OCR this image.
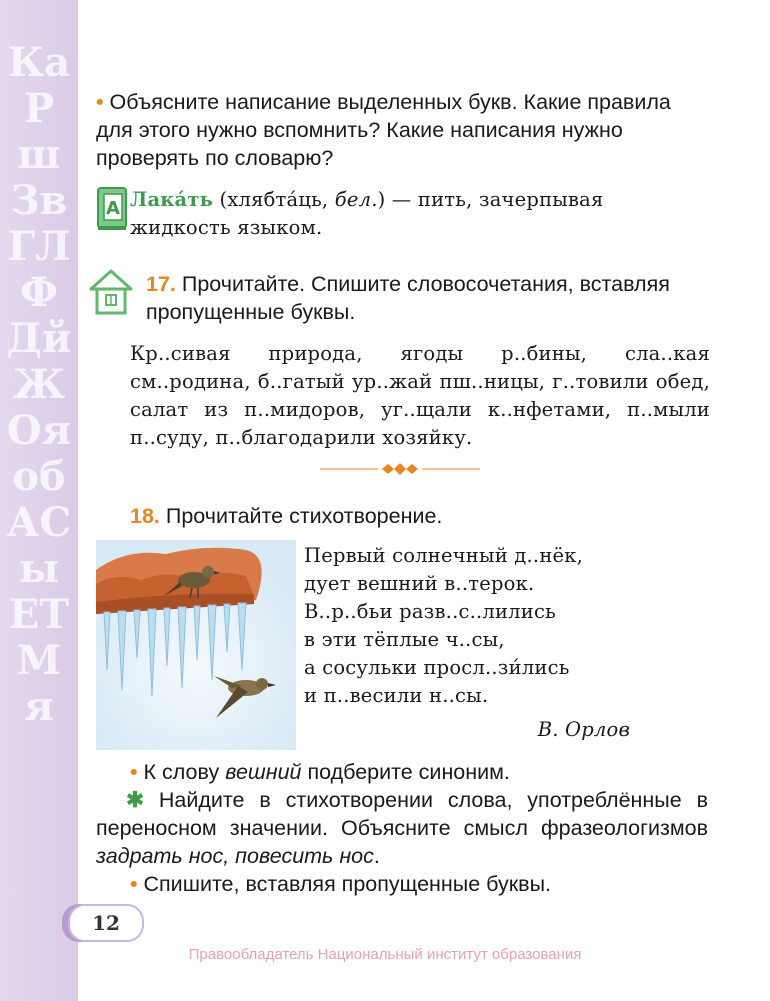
КаРшЗвГЛФДйЖОяобАСыЕТМя
• Объясните написание выделенных букв. Какие правила для этого нужно вспомнить? Какие написания нужно проверять по словарю?
A Лака́ть (хлябта́ць, бел.) — пить, зачерпывая жидкость языком.
17. Прочитайте. Спишите словосочетания, вставляя пропущенные буквы.
Кр..сивая природа, ягоды р..бины, сла..кая см..родина, б..гатый ур..жай пш..ницы, г..товили обед, салат из п..мидоров, уг..щали к..нфетами, п..мыли п..суду, п..благодарили хозяйку.
18. Прочитайте стихотворение.
Первый солнечный д..нёк,
дует вешний в..терок.
В..р..бьи разв..с..лились
в эти тёплые ч..сы,
а сосульки просл..зи́лись
и п..весили н..сы.
В. Орлов
• К слову вешний подберите синоним.
✱ Найдите в стихотворении слова, употреблённые в переносном значении. Объясните смысл фразеологизмов задрать нос, повесить нос.
• Спишите, вставляя пропущенные буквы.
12
Правообладатель Национальный институт образования
